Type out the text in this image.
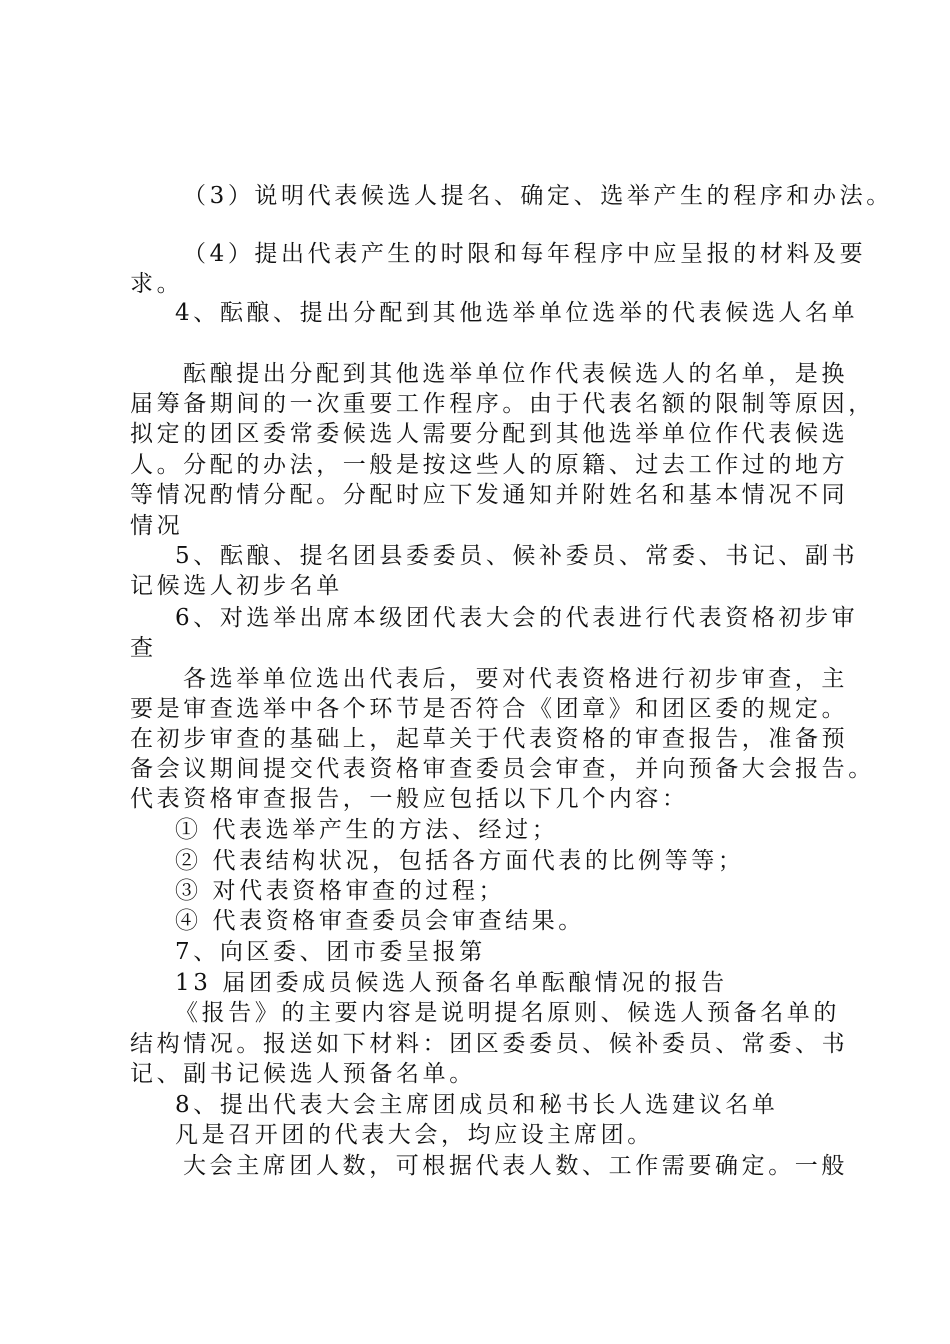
（3）说明代表候选人提名、确定、选举产生的程序和办法。
（4）提出代表产生的时限和每年程序中应呈报的材料及要
求。
4、酝酿、提出分配到其他选举单位选举的代表候选人名单
酝酿提出分配到其他选举单位作代表候选人的名单，是换
届筹备期间的一次重要工作程序。由于代表名额的限制等原因，
拟定的团区委常委候选人需要分配到其他选举单位作代表候选
人。分配的办法，一般是按这些人的原籍、过去工作过的地方
等情况酌情分配。分配时应下发通知并附姓名和基本情况不同
情况
5、酝酿、提名团县委委员、候补委员、常委、书记、副书
记候选人初步名单
6、对选举出席本级团代表大会的代表进行代表资格初步审
查
各选举单位选出代表后，要对代表资格进行初步审查，主
要是审查选举中各个环节是否符合《团章》和团区委的规定。
在初步审查的基础上，起草关于代表资格的审查报告，准备预
备会议期间提交代表资格审查委员会审查，并向预备大会报告。
代表资格审查报告，一般应包括以下几个内容：
① 代表选举产生的方法、经过；
② 代表结构状况，包括各方面代表的比例等等；
③ 对代表资格审查的过程；
④ 代表资格审查委员会审查结果。
7、向区委、团市委呈报第
13 届团委成员候选人预备名单酝酿情况的报告
《报告》的主要内容是说明提名原则、候选人预备名单的
结构情况。报送如下材料：团区委委员、候补委员、常委、书
记、副书记候选人预备名单。
8、提出代表大会主席团成员和秘书长人选建议名单
凡是召开团的代表大会，均应设主席团。
大会主席团人数，可根据代表人数、工作需要确定。一般
